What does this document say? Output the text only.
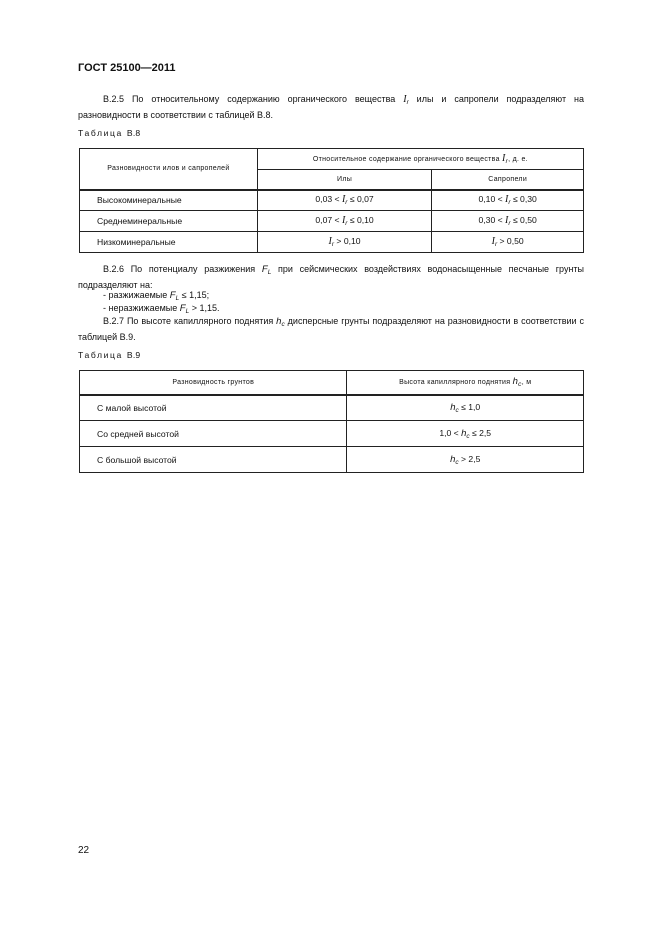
ГОСТ 25100—2011
В.2.5 По относительному содержанию органического вещества $I_r$ илы и сапропели подразделяют на разновидности в соответствии с таблицей В.8.
Таблица В.8
Разновидности илов и сапропелей	Относительное содержание органического вещества Ir, д. е.	
	Илы	Сапропели
Высокоминеральные	$0,03 < I_r \le 0,07$	$0,10 < I_r \le 0,30$
Среднеминеральные	$0,07 < I_r \le 0,10$	$0,30 < I_r \le 0,50$
Низкоминеральные	$I_r > 0,10$	$I_r > 0,50$
В.2.6 По потенциалу разжижения $F_L$ при сейсмических воздействиях водонасыщенные песчаные грунты подразделяют на:
- разжижаемые $F_L \le 1,15$;
- неразжижаемые $F_L > 1,15$.
В.2.7 По высоте капиллярного поднятия $h_c$ дисперсные грунты подразделяют на разновидности в соответствии с таблицей В.9.
Таблица В.9
Разновидность грунтов	Высота капиллярного поднятия hc, м
С малой высотой	$h_c \le 1,0$
Со средней высотой	$1,0 < h_c \le 2,5$
С большой высотой	$h_c > 2,5$
22
